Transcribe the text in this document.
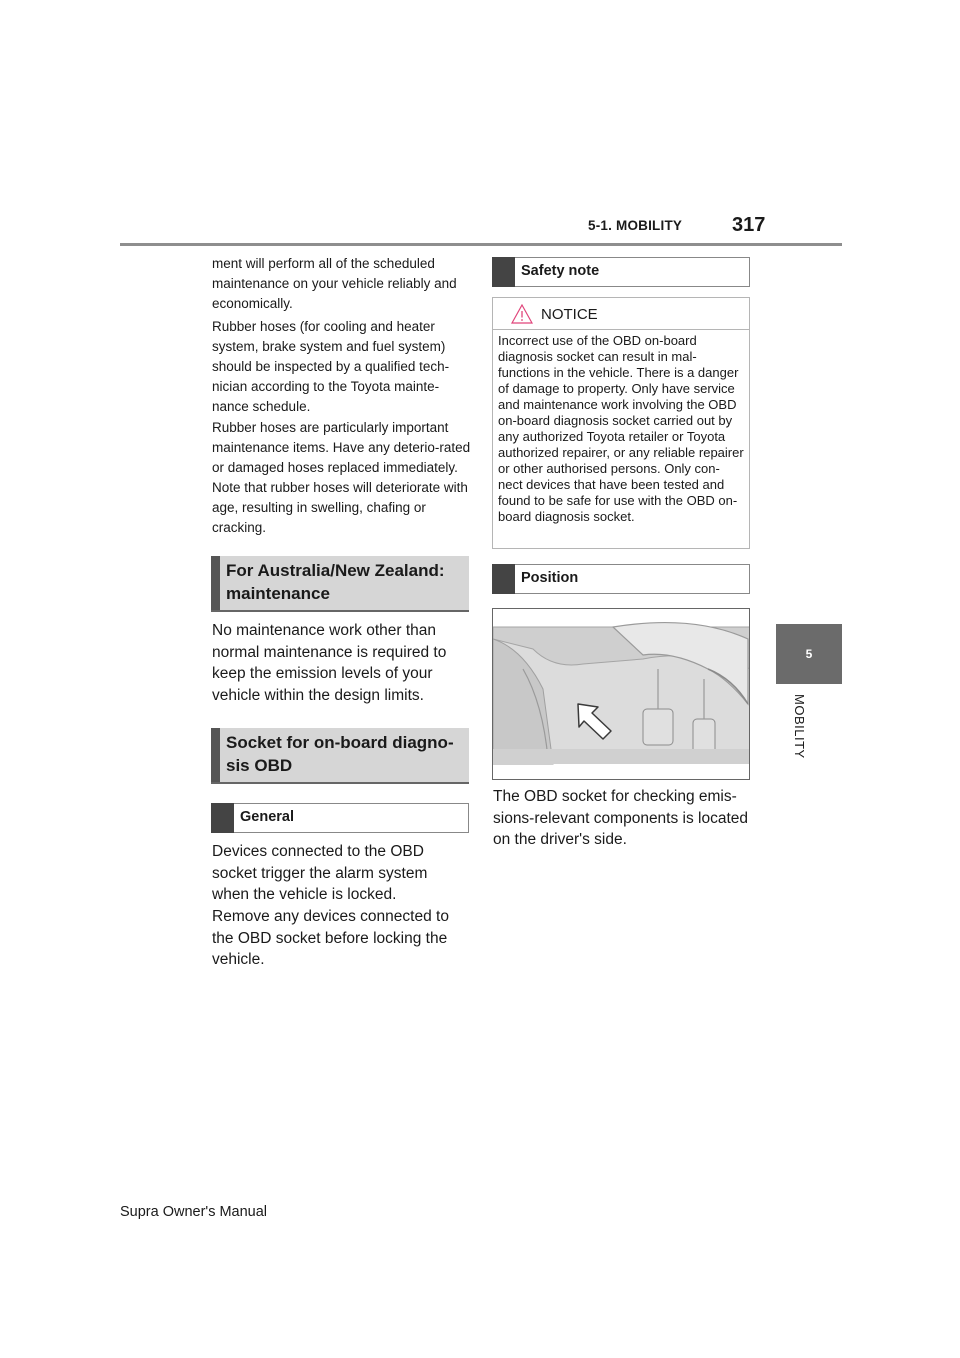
5-1. MOBILITY 317
5
MOBILITY
ment will perform all of the scheduled maintenance on your vehicle reliably and economically.
Rubber hoses (for cooling and heater system, brake system and fuel system) should be inspected by a qualified tech-nician according to the Toyota mainte-nance schedule.
Rubber hoses are particularly important maintenance items. Have any deterio-rated or damaged hoses replaced immediately. Note that rubber hoses will deteriorate with age, resulting in swelling, chafing or cracking.
For Australia/New Zealand:
maintenance
No maintenance work other than normal maintenance is required to keep the emission levels of your vehicle within the design limits.
Socket for on-board diagno-
sis OBD
General
Devices connected to the OBD socket trigger the alarm system when the vehicle is locked.
Remove any devices connected to the OBD socket before locking the vehicle.
Safety note
NOTICE
Incorrect use of the OBD on-board diagnosis socket can result in mal-functions in the vehicle. There is a danger of damage to property. Only have service and maintenance work involving the OBD on-board diagnosis socket carried out by any authorized Toyota retailer or Toyota authorized repairer, or any reliable repairer or other authorised persons. Only con-nect devices that have been tested and found to be safe for use with the OBD on-board diagnosis socket.
Position
The OBD socket for checking emis-sions-relevant components is located on the driver's side.
Supra Owner's Manual
